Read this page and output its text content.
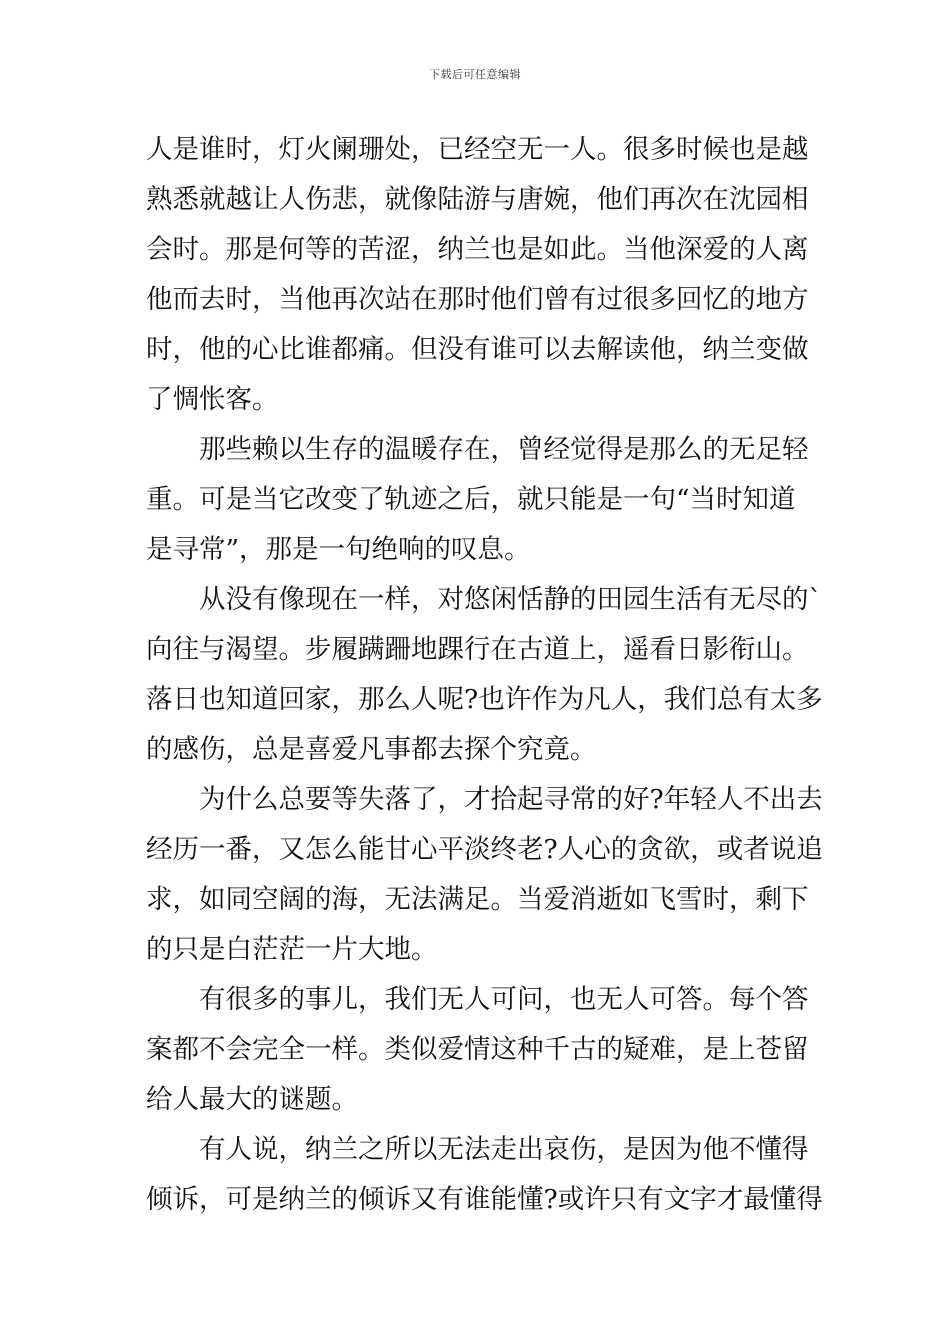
下载后可任意编辑
人是谁时，灯火阑珊处，已经空无一人。很多时候也是越
熟悉就越让人伤悲，就像陆游与唐婉，他们再次在沈园相
会时。那是何等的苦涩，纳兰也是如此。当他深爱的人离
他而去时，当他再次站在那时他们曾有过很多回忆的地方
时，他的心比谁都痛。但没有谁可以去解读他，纳兰变做
了惆怅客。
那些赖以生存的温暖存在，曾经觉得是那么的无足轻
重。可是当它改变了轨迹之后，就只能是一句“当时知道
是寻常”，那是一句绝响的叹息。
从没有像现在一样，对悠闲恬静的田园生活有无尽的`
向往与渴望。步履蹒跚地踝行在古道上，遥看日影衔山。
落日也知道回家，那么人呢?也许作为凡人，我们总有太多
的感伤，总是喜爱凡事都去探个究竟。
为什么总要等失落了，才拾起寻常的好?年轻人不出去
经历一番，又怎么能甘心平淡终老?人心的贪欲，或者说追
求，如同空阔的海，无法满足。当爱消逝如飞雪时，剩下
的只是白茫茫一片大地。
有很多的事儿，我们无人可问，也无人可答。每个答
案都不会完全一样。类似爱情这种千古的疑难，是上苍留
给人最大的谜题。
有人说，纳兰之所以无法走出哀伤，是因为他不懂得
倾诉，可是纳兰的倾诉又有谁能懂?或许只有文字才最懂得
